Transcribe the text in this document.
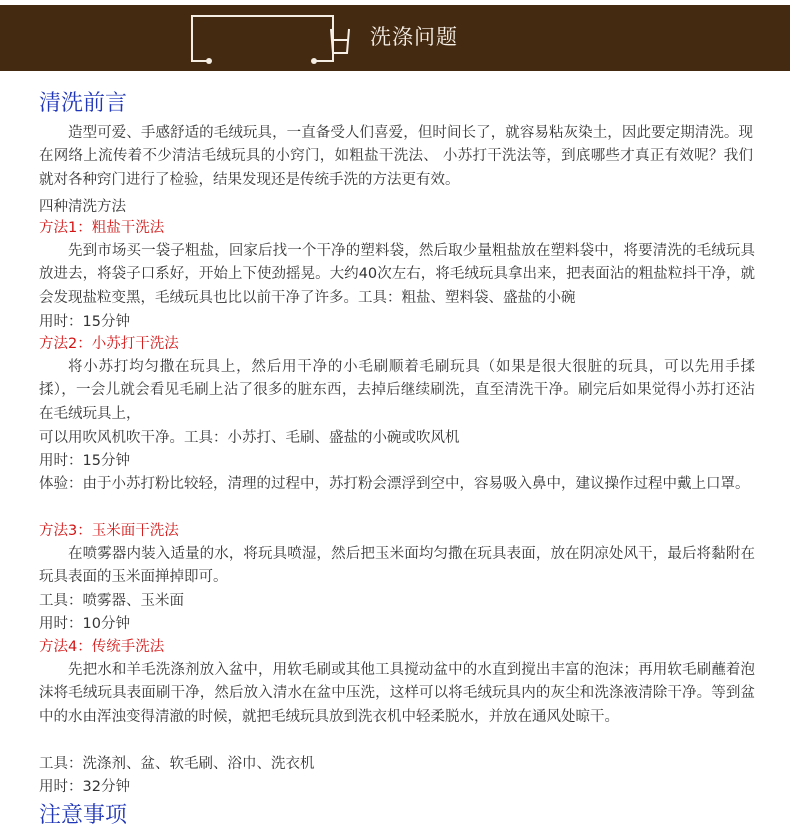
洗涤问题
清洗前言

造型可爱、手感舒适的毛绒玩具，一直备受人们喜爱，但时间长了，就容易粘灰染土，因此要定期清洗。现在网络上流传着不少清洁毛绒玩具的小窍门，如粗盐干洗法、 小苏打干洗法等，到底哪些才真正有效呢？我们就对各种窍门进行了检验，结果发现还是传统手洗的方法更有效。

四种清洗方法
方法1：粗盐干洗法

先到市场买一袋子粗盐，回家后找一个干净的塑料袋，然后取少量粗盐放在塑料袋中，将要清洗的毛绒玩具放进去，将袋子口系好，开始上下使劲摇晃。大约40次左右，将毛绒玩具拿出来，把表面沾的粗盐粒抖干净，就会发现盐粒变黑，毛绒玩具也比以前干净了许多。工具：粗盐、塑料袋、盛盐的小碗

用时：15分钟
方法2：小苏打干洗法

将小苏打均匀撒在玩具上，然后用干净的小毛刷顺着毛刷玩具（如果是很大很脏的玩具，可以先用手揉揉），一会儿就会看见毛刷上沾了很多的脏东西，去掉后继续刷洗，直至清洗干净。刷完后如果觉得小苏打还沾在毛绒玩具上，

可以用吹风机吹干净。工具：小苏打、毛刷、盛盐的小碗或吹风机
用时：15分钟

体验：由于小苏打粉比较轻，清理的过程中，苏打粉会漂浮到空中，容易吸入鼻中，建议操作过程中戴上口罩。

方法3：玉米面干洗法

在喷雾器内装入适量的水，将玩具喷湿，然后把玉米面均匀撒在玩具表面，放在阴凉处风干，最后将黏附在玩具表面的玉米面掸掉即可。

工具：喷雾器、玉米面
用时：10分钟
方法4：传统手洗法

先把水和羊毛洗涤剂放入盆中，用软毛刷或其他工具搅动盆中的水直到搅出丰富的泡沫；再用软毛刷蘸着泡沫将毛绒玩具表面刷干净，然后放入清水在盆中压洗，这样可以将毛绒玩具内的灰尘和洗涤液清除干净。等到盆中的水由浑浊变得清澈的时候，就把毛绒玩具放到洗衣机中轻柔脱水，并放在通风处晾干。

工具：洗涤剂、盆、软毛刷、浴巾、洗衣机
用时：32分钟
注意事项
